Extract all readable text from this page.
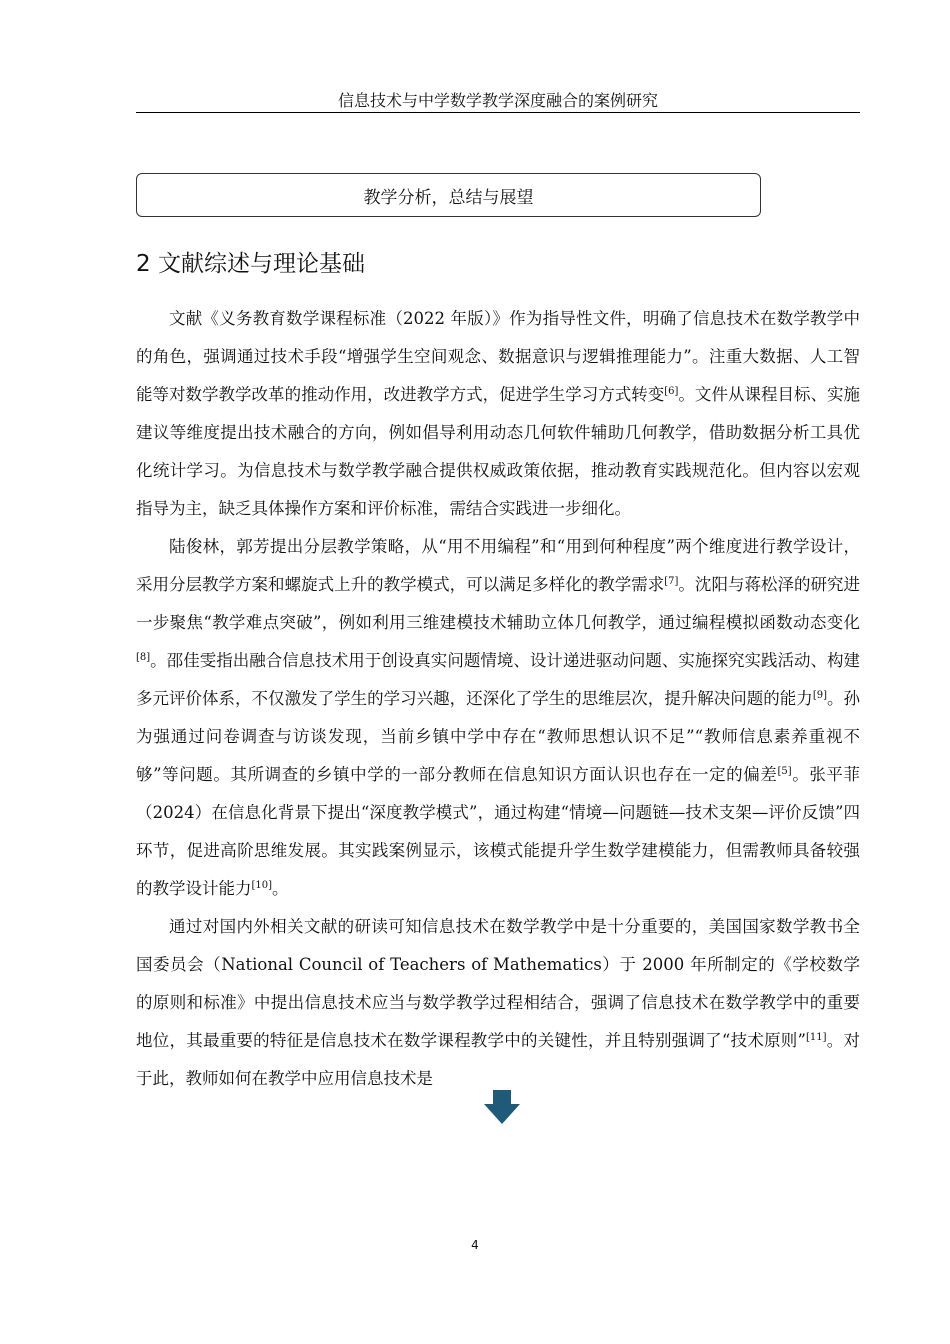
信息技术与中学数学教学深度融合的案例研究
教学分析，总结与展望
2 文献综述与理论基础

文献《义务教育数学课程标准（2022 年版）》作为指导性文件，明确了信息技术在数学教学中的角色，强调通过技术手段“增强学生空间观念、数据意识与逻辑推理能力”。注重大数据、人工智能等对数学教学改革的推动作用，改进教学方式，促进学生学习方式转变[6]。文件从课程目标、实施建议等维度提出技术融合的方向，例如倡导利用动态几何软件辅助几何教学，借助数据分析工具优化统计学习。为信息技术与数学教学融合提供权威政策依据，推动教育实践规范化。但内容以宏观指导为主，缺乏具体操作方案和评价标准，需结合实践进一步细化。

陆俊林，郭芳提出分层教学策略，从“用不用编程”和“用到何种程度”两个维度进行教学设计，采用分层教学方案和螺旋式上升的教学模式，可以满足多样化的教学需求[7]。沈阳与蒋松泽的研究进一步聚焦“教学难点突破”，例如利用三维建模技术辅助立体几何教学，通过编程模拟函数动态变化[8]。邵佳雯指出融合信息技术用于创设真实问题情境、设计递进驱动问题、实施探究实践活动、构建多元评价体系，不仅激发了学生的学习兴趣，还深化了学生的思维层次，提升解决问题的能力[9]。孙为强通过问卷调查与访谈发现，当前乡镇中学中存在“教师思想认识不足”“教师信息素养重视不够”等问题。其所调查的乡镇中学的一部分教师在信息知识方面认识也存在一定的偏差[5]。张平菲（2024）在信息化背景下提出“深度教学模式”，通过构建“情境—问题链—技术支架—评价反馈”四环节，促进高阶思维发展。其实践案例显示，该模式能提升学生数学建模能力，但需教师具备较强的教学设计能力[10]。

通过对国内外相关文献的研读可知信息技术在数学教学中是十分重要的，美国国家数学教书全国委员会（National Council of Teachers of Mathematics）于 2000 年所制定的《学校数学的原则和标准》中提出信息技术应当与数学教学过程相结合，强调了信息技术在数学教学中的重要地位，其最重要的特征是信息技术在数学课程教学中的关键性，并且特别强调了“技术原则”[11]。对于此，教师如何在教学中应用信息技术是

4
